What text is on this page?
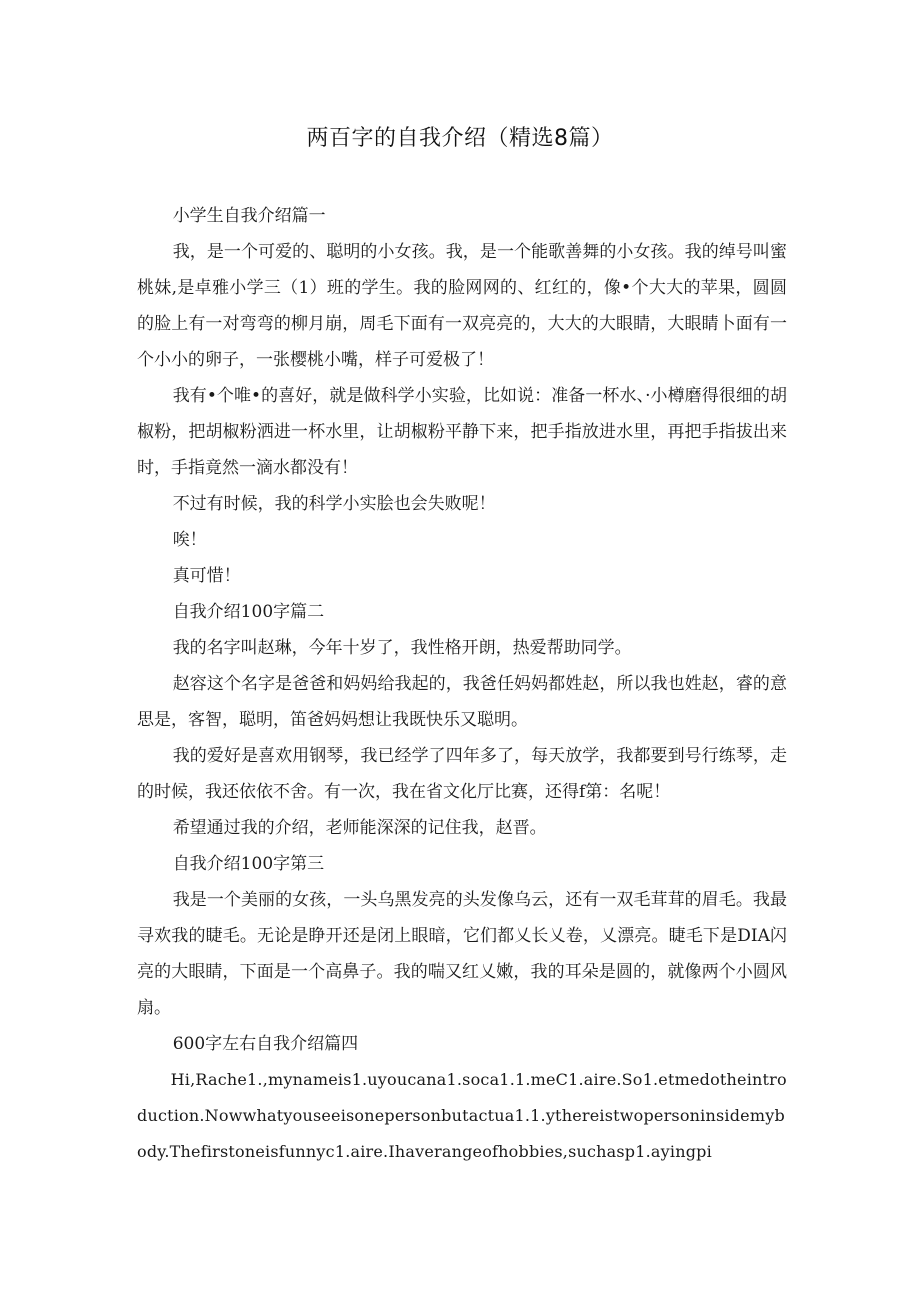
两百字的自我介绍（精选8篇）

小学生自我介绍篇一

我，是一个可爱的、聪明的小女孩。我，是一个能歌善舞的小女孩。我的绰号叫蜜桃妹,是卓雅小学三（1）班的学生。我的脸网网的、红红的，像•个大大的苹果，圆圆的脸上有一对弯弯的柳月崩，周毛下面有一双亮亮的，大大的大眼睛，大眼睛卜面有一个小小的卵子，一张樱桃小嘴，样子可爱极了！

我有•个唯•的喜好，就是做科学小实验，比如说：准备一杯水、·小樽磨得很细的胡椒粉，把胡椒粉洒进一杯水里，让胡椒粉平静下来，把手指放进水里，再把手指拔出来时，手指竟然一滴水都没有！

不过有时候，我的科学小实脍也会失败呢！

唉！

真可惜！

自我介绍100字篇二

我的名字叫赵琳，今年十岁了，我性格开朗，热爱帮助同学。

赵容这个名字是爸爸和妈妈给我起的，我爸任妈妈都姓赵，所以我也姓赵，睿的意思是，客智，聪明，笛爸妈妈想让我既快乐又聪明。

我的爱好是喜欢用钢琴，我已经学了四年多了，每天放学，我都要到号行练琴，走的时候，我还依依不舍。有一次，我在省文化厅比赛，还得f第：名呢！

希望通过我的介绍，老师能深深的记住我，赵晋。

自我介绍100字第三

我是一个美丽的女孩，一头乌黑发亮的头发像乌云，还有一双毛茸茸的眉毛。我最寻欢我的睫毛。无论是睁开还是闭上眼暗，它们都乂长乂卷，乂漂亮。睫毛下是DIA闪亮的大眼睛，下面是一个高鼻子。我的喘又红乂嫩，我的耳朵是圆的，就像两个小圆风扇。

600字左右自我介绍篇四

Hi,Rache1.,mynameis1.uyoucana1.soca1.1.meC1.aire.So1.etmedotheintroduction.Nowwhatyouseeisonepersonbutactua1.1.ythereistwopersoninsidemybody.Thefirstoneisfunnyc1.aire.Ihaverangeofhobbies,suchasp1.ayingpi
